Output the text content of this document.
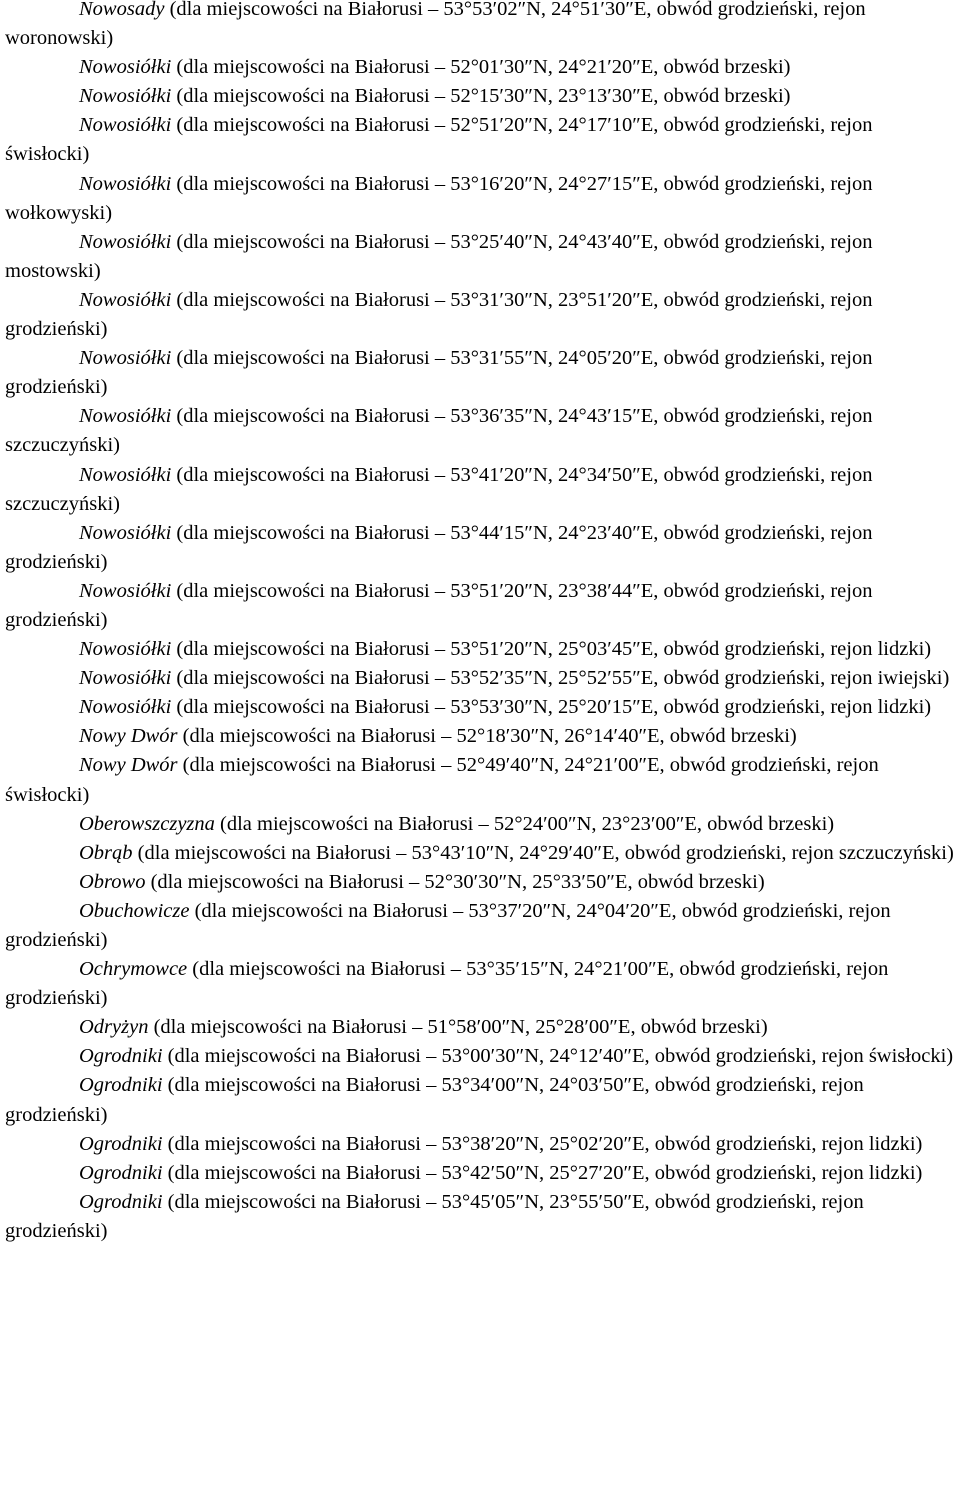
Nowosady (dla miejscowości na Białorusi – 53°53′02″N, 24°51′30″E, obwód grodzieński, rejon woronowski)

Nowosiółki (dla miejscowości na Białorusi – 52°01′30″N, 24°21′20″E, obwód brzeski)

Nowosiółki (dla miejscowości na Białorusi – 52°15′30″N, 23°13′30″E, obwód brzeski)

Nowosiółki (dla miejscowości na Białorusi – 52°51′20″N, 24°17′10″E, obwód grodzieński, rejon świsłocki)

Nowosiółki (dla miejscowości na Białorusi – 53°16′20″N, 24°27′15″E, obwód grodzieński, rejon wołkowyski)

Nowosiółki (dla miejscowości na Białorusi – 53°25′40″N, 24°43′40″E, obwód grodzieński, rejon mostowski)

Nowosiółki (dla miejscowości na Białorusi – 53°31′30″N, 23°51′20″E, obwód grodzieński, rejon grodzieński)

Nowosiółki (dla miejscowości na Białorusi – 53°31′55″N, 24°05′20″E, obwód grodzieński, rejon grodzieński)

Nowosiółki (dla miejscowości na Białorusi – 53°36′35″N, 24°43′15″E, obwód grodzieński, rejon szczuczyński)

Nowosiółki (dla miejscowości na Białorusi – 53°41′20″N, 24°34′50″E, obwód grodzieński, rejon szczuczyński)

Nowosiółki (dla miejscowości na Białorusi – 53°44′15″N, 24°23′40″E, obwód grodzieński, rejon grodzieński)

Nowosiółki (dla miejscowości na Białorusi – 53°51′20″N, 23°38′44″E, obwód grodzieński, rejon grodzieński)

Nowosiółki (dla miejscowości na Białorusi – 53°51′20″N, 25°03′45″E, obwód grodzieński, rejon lidzki)

Nowosiółki (dla miejscowości na Białorusi – 53°52′35″N, 25°52′55″E, obwód grodzieński, rejon iwiejski)

Nowosiółki (dla miejscowości na Białorusi – 53°53′30″N, 25°20′15″E, obwód grodzieński, rejon lidzki)

Nowy Dwór (dla miejscowości na Białorusi – 52°18′30″N, 26°14′40″E, obwód brzeski)

Nowy Dwór (dla miejscowości na Białorusi – 52°49′40″N, 24°21′00″E, obwód grodzieński, rejon świsłocki)

Oberowszczyzna (dla miejscowości na Białorusi – 52°24′00″N, 23°23′00″E, obwód brzeski)

Obrąb (dla miejscowości na Białorusi – 53°43′10″N, 24°29′40″E, obwód grodzieński, rejon szczuczyński)

Obrowo (dla miejscowości na Białorusi – 52°30′30″N, 25°33′50″E, obwód brzeski)

Obuchowicze (dla miejscowości na Białorusi – 53°37′20″N, 24°04′20″E, obwód grodzieński, rejon grodzieński)

Ochrymowce (dla miejscowości na Białorusi – 53°35′15″N, 24°21′00″E, obwód grodzieński, rejon grodzieński)

Odryżyn (dla miejscowości na Białorusi – 51°58′00″N, 25°28′00″E, obwód brzeski)

Ogrodniki (dla miejscowości na Białorusi – 53°00′30″N, 24°12′40″E, obwód grodzieński, rejon świsłocki)

Ogrodniki (dla miejscowości na Białorusi – 53°34′00″N, 24°03′50″E, obwód grodzieński, rejon grodzieński)

Ogrodniki (dla miejscowości na Białorusi – 53°38′20″N, 25°02′20″E, obwód grodzieński, rejon lidzki)

Ogrodniki (dla miejscowości na Białorusi – 53°42′50″N, 25°27′20″E, obwód grodzieński, rejon lidzki)

Ogrodniki (dla miejscowości na Białorusi – 53°45′05″N, 23°55′50″E, obwód grodzieński, rejon grodzieński)
